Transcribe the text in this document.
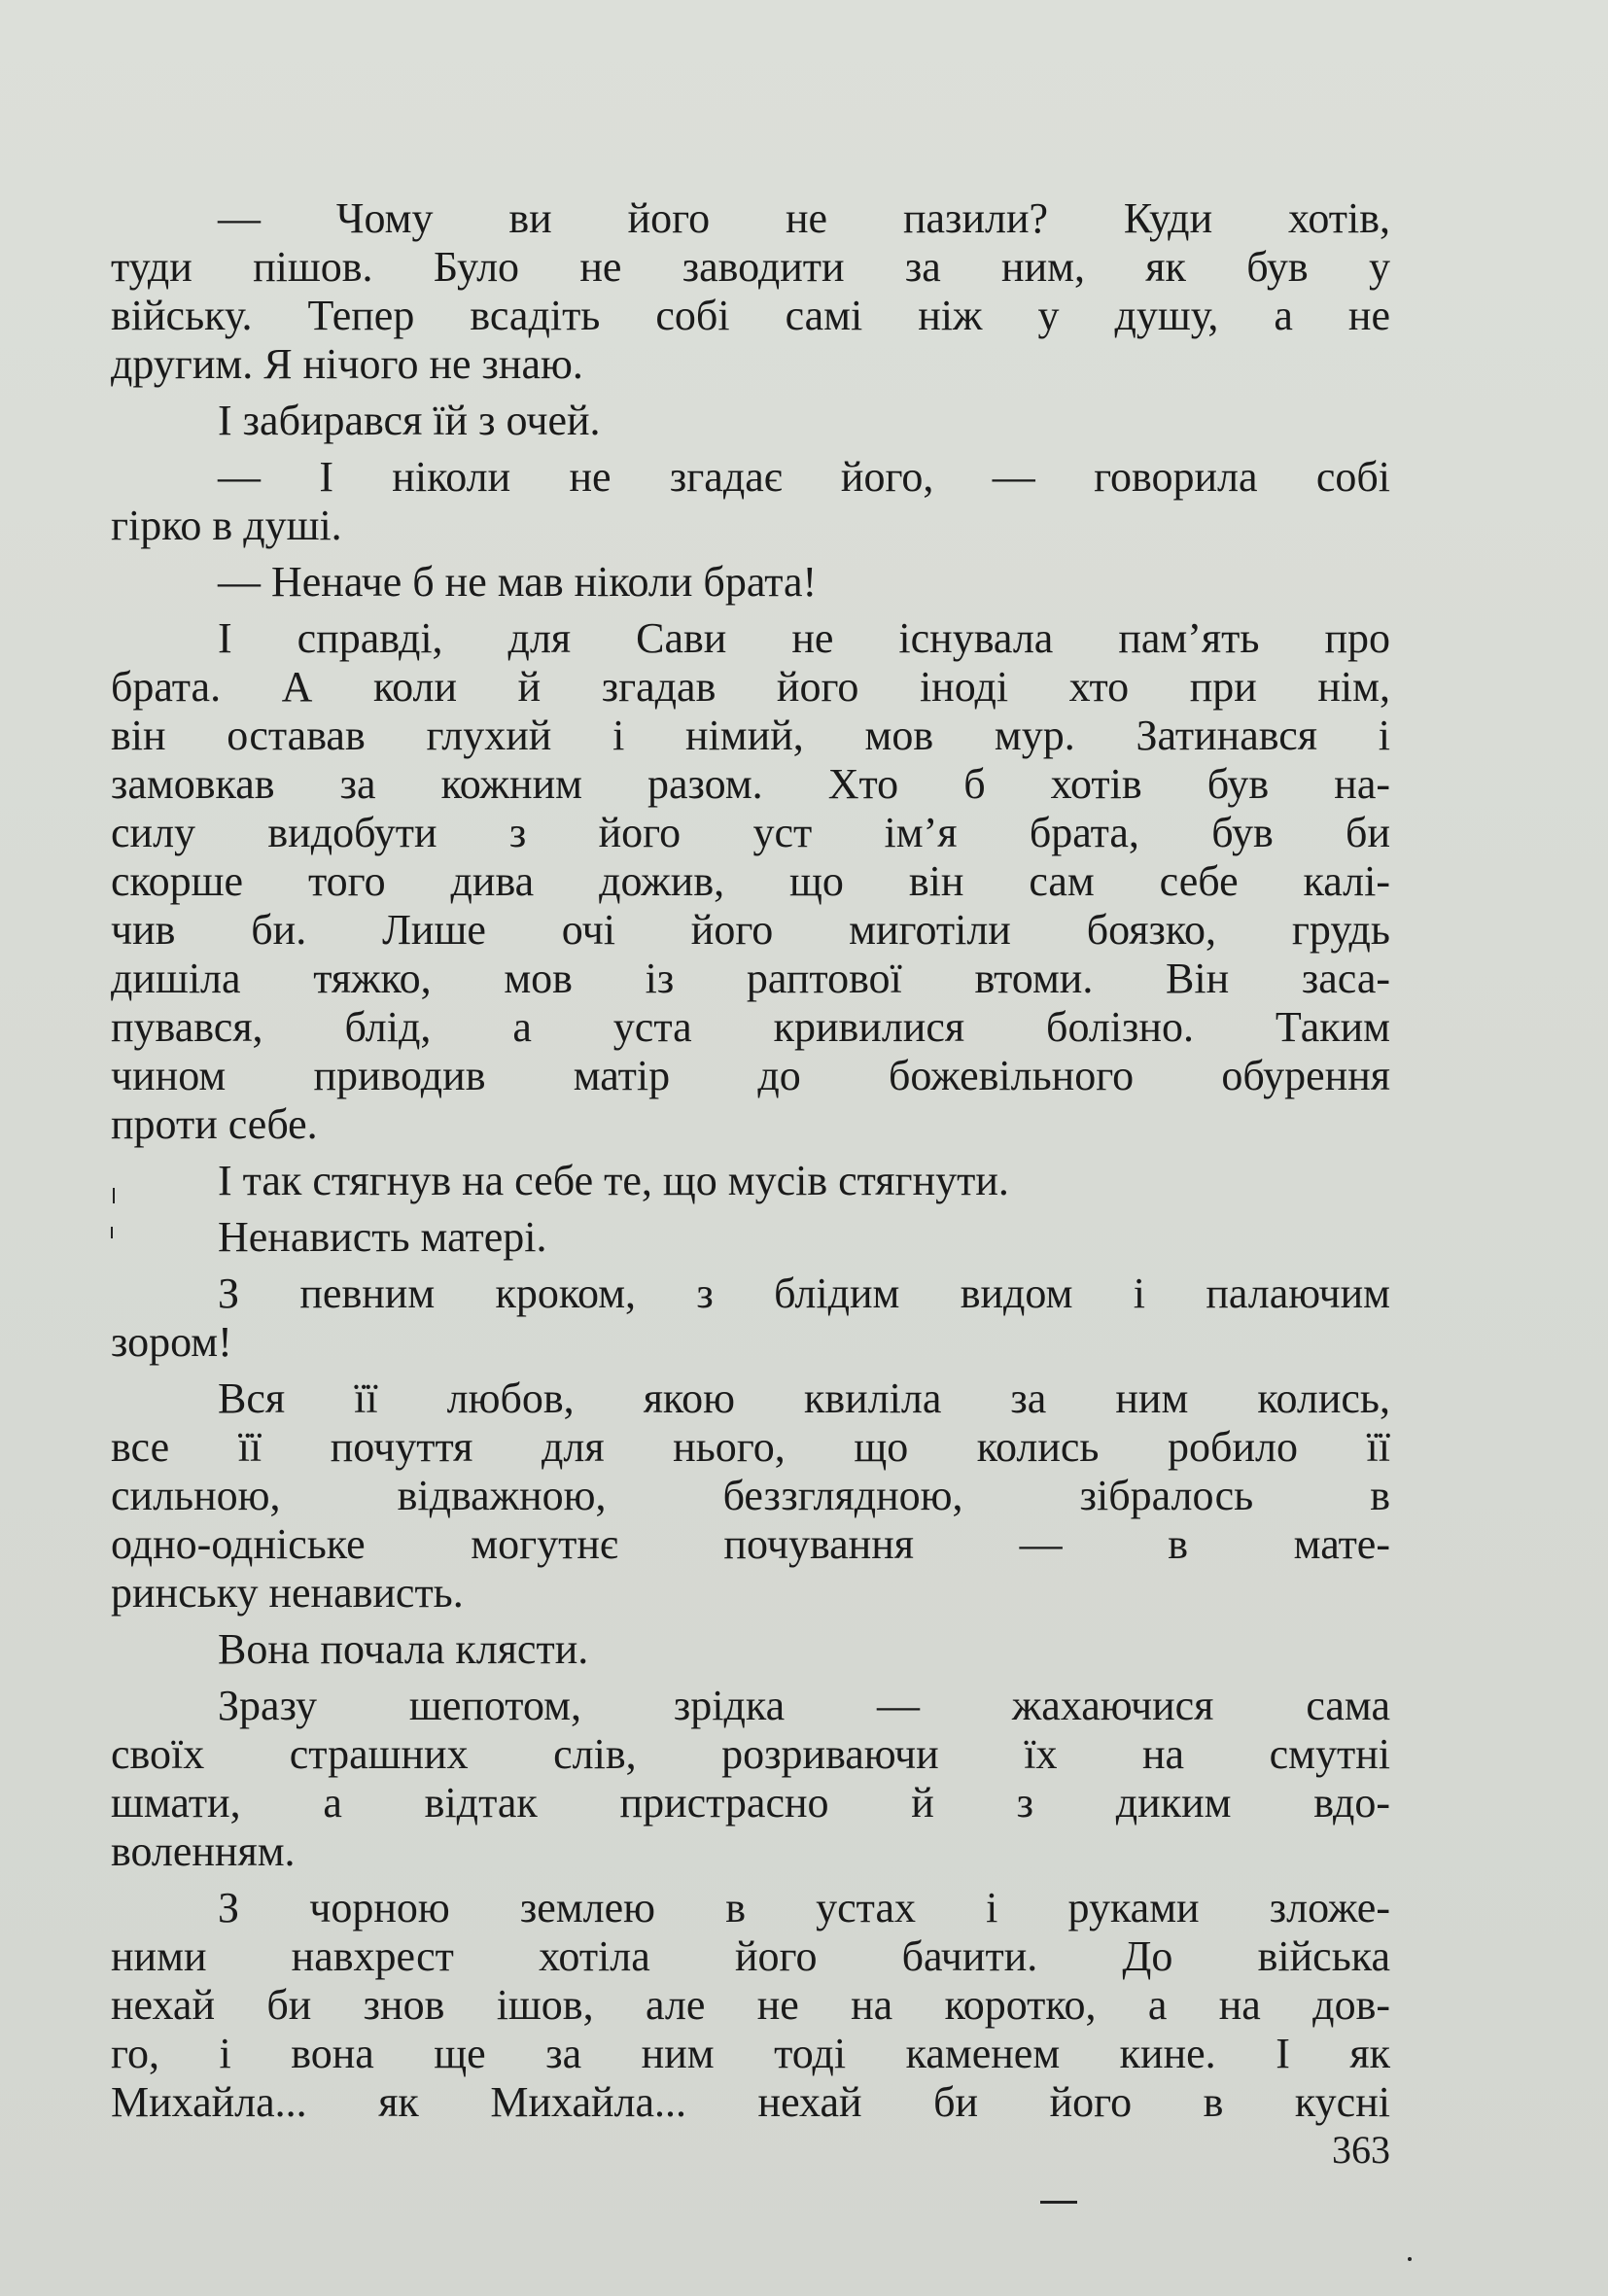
— Чому ви його не пазили? Куди хотів,
туди пішов. Було не заводити за ним, як був у
війську. Тепер всадіть собі самі ніж у душу, а не
другим. Я нічого не знаю.
І забирався їй з очей.
— І ніколи не згадає його, — говорила собі
гірко в душі.
— Неначе б не мав ніколи брата!
І справді, для Сави не існувала пам’ять про
брата. А коли й згадав його іноді хто при нім,
він оставав глухий і німий, мов мур. Затинався і
замовкав за кожним разом. Хто б хотів був на-
силу видобути з його уст ім’я брата, був би
скорше того дива дожив, що він сам себе калі-
чив би. Лише очі його миготіли боязко, грудь
дишіла тяжко, мов із раптової втоми. Він заса-
пувався, блід, а уста кривилися болізно. Таким
чином приводив матір до божевільного обурення
проти себе.
І так стягнув на себе те, що мусів стягнути.
Ненависть матері.
З певним кроком, з блідим видом і палаючим
зором!
Вся її любов, якою квиліла за ним колись,
все її почуття для нього, що колись робило її
сильною, відважною, беззглядною, зібралось в
одно-одніське могутнє почування — в мате-
ринську ненависть.
Вона почала клясти.
Зразу шепотом, зрідка — жахаючися сама
своїх страшних слів, розриваючи їх на смутні
шмати, а відтак пристрасно й з диким вдо-
воленням.
З чорною землею в устах і руками зложе-
ними навхрест хотіла його бачити. До війська
нехай би знов ішов, але не на коротко, а на дов-
го, і вона ще за ним тоді каменем кине. І як
Михайла... як Михайла... нехай би його в кусні
363
